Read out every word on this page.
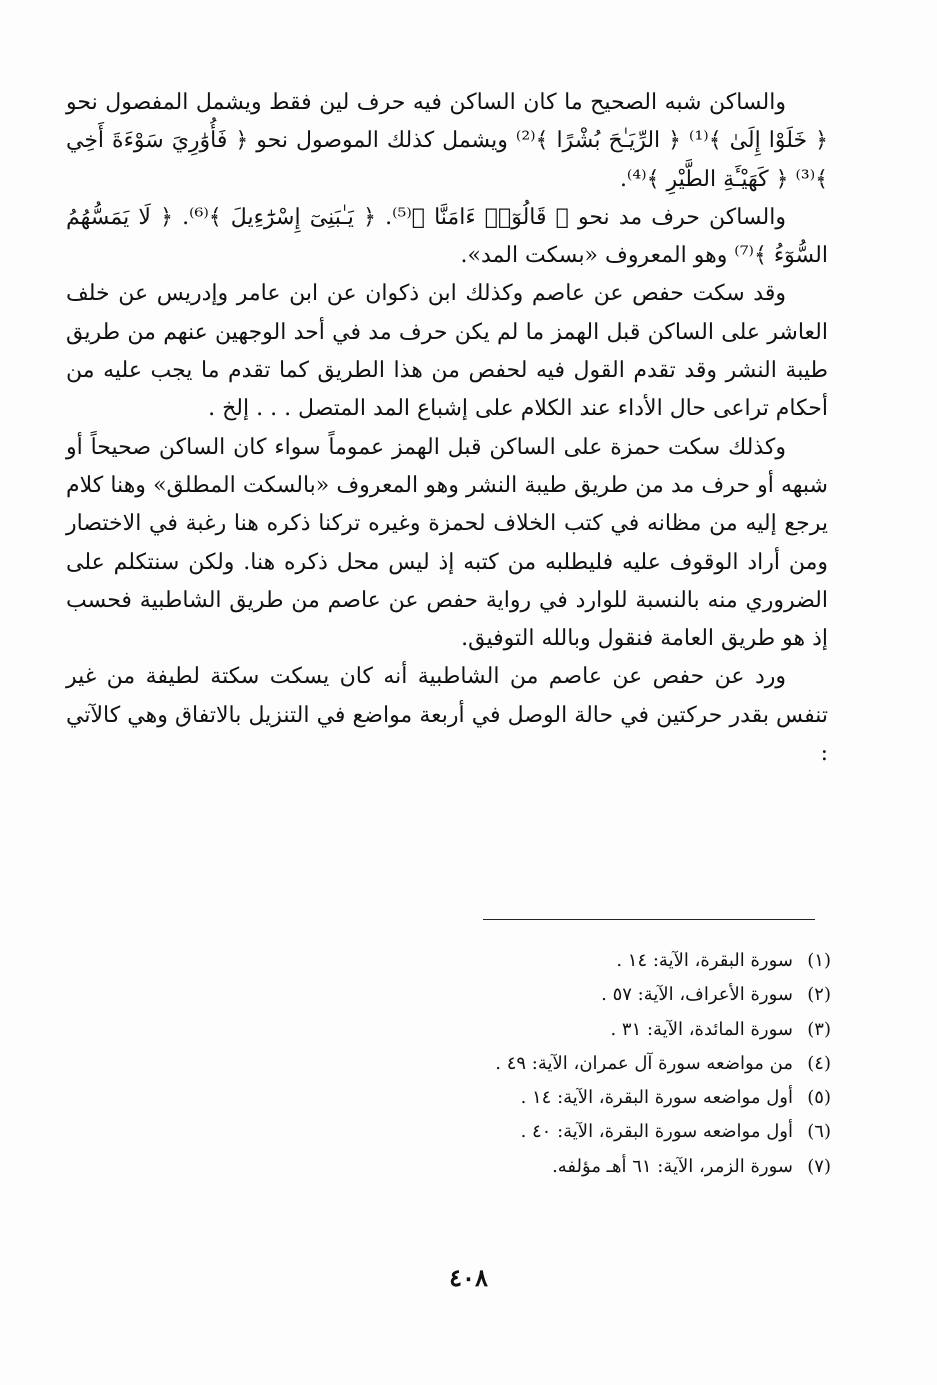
والساكن شبه الصحيح ما كان الساكن فيه حرف لين فقط ويشمل المفصول نحو ﴿ خَلَوْا إِلَىٰ ﴾⁽¹⁾ ﴿ الرِّيَـٰحَ بُشْرًا ﴾⁽²⁾ ويشمل كذلك الموصول نحو ﴿ فَأُوَٰرِيَ سَوْءَةَ أَخِي ﴾⁽³⁾ ﴿ كَهَيْـَٔةِ الطَّيْرِ ﴾⁽⁴⁾.

والساكن حرف مد نحو ﴿ قَالُوٓا۟ ءَامَنَّا ﴾⁽⁵⁾. ﴿ يَـٰبَنِىٓ إِسْرَٰٓءِيلَ ﴾⁽⁶⁾. ﴿ لَا يَمَسُّهُمُ السُّوٓءُ ﴾⁽⁷⁾ وهو المعروف «بسكت المد».

وقد سكت حفص عن عاصم وكذلك ابن ذكوان عن ابن عامر وإدريس عن خلف العاشر على الساكن قبل الهمز ما لم يكن حرف مد في أحد الوجهين عنهم من طريق طيبة النشر وقد تقدم القول فيه لحفص من هذا الطريق كما تقدم ما يجب عليه من أحكام تراعى حال الأداء عند الكلام على إشباع المد المتصل . . . إلخ .

وكذلك سكت حمزة على الساكن قبل الهمز عموماً سواء كان الساكن صحيحاً أو شبهه أو حرف مد من طريق طيبة النشر وهو المعروف «بالسكت المطلق» وهنا كلام يرجع إليه من مظانه في كتب الخلاف لحمزة وغيره تركنا ذكره هنا رغبة في الاختصار ومن أراد الوقوف عليه فليطلبه من كتبه إذ ليس محل ذكره هنا. ولكن سنتكلم على الضروري منه بالنسبة للوارد في رواية حفص عن عاصم من طريق الشاطبية فحسب إذ هو طريق العامة فنقول وبالله التوفيق.

ورد عن حفص عن عاصم من الشاطبية أنه كان يسكت سكتة لطيفة من غير تنفس بقدر حركتين في حالة الوصل في أربعة مواضع في التنزيل بالاتفاق وهي كالآتي :

(١)سورة البقرة، الآية: ١٤ .
(٢)سورة الأعراف، الآية: ٥٧ .
(٣)سورة المائدة، الآية: ٣١ .
(٤)من مواضعه سورة آل عمران، الآية: ٤٩ .
(٥)أول مواضعه سورة البقرة، الآية: ١٤ .
(٦)أول مواضعه سورة البقرة، الآية: ٤٠ .
(٧)سورة الزمر، الآية: ٦١ أهـ مؤلفه.
٤٠٨
